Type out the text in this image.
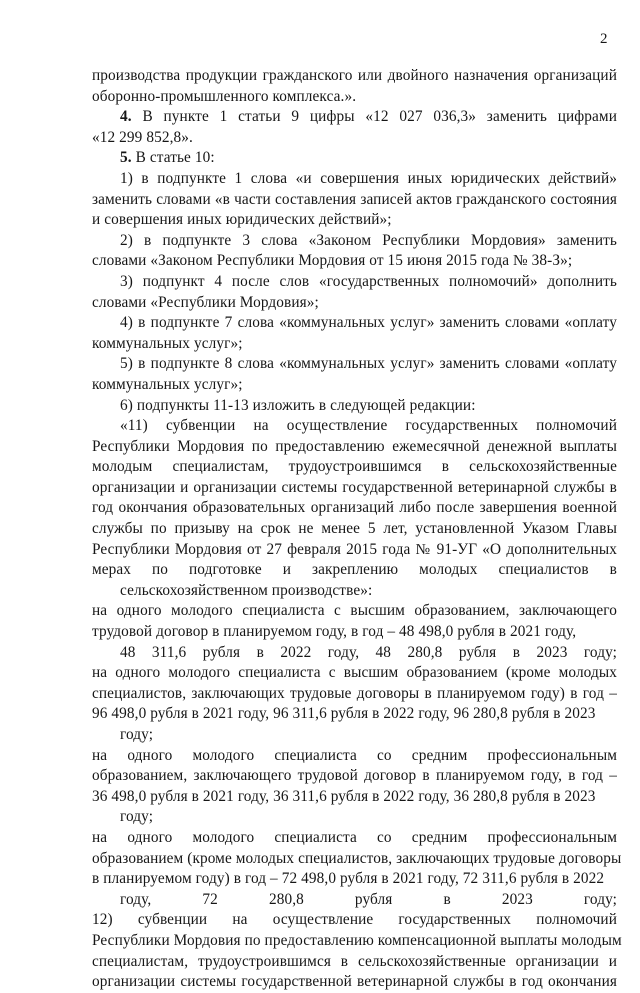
2
производства продукции гражданского или двойного назначения организаций
оборонно-промышленного комплекса.».
4. В пункте 1 статьи 9 цифры «12 027 036,3» заменить цифрами
«12 299 852,8».
5. В статье 10:
1) в подпункте 1 слова «и совершения иных юридических действий»
заменить словами «в части составления записей актов гражданского состояния
и совершения иных юридических действий»;
2) в подпункте 3 слова «Законом Республики Мордовия» заменить
словами «Законом Республики Мордовия от 15 июня 2015 года № 38-З»;
3) подпункт 4 после слов «государственных полномочий» дополнить
словами «Республики Мордовия»;
4) в подпункте 7 слова «коммунальных услуг» заменить словами «оплату
коммунальных услуг»;
5) в подпункте 8 слова «коммунальных услуг» заменить словами «оплату
коммунальных услуг»;
6) подпункты 11-13 изложить в следующей редакции:
«11) субвенции на осуществление государственных полномочий
Республики Мордовия по предоставлению ежемесячной денежной выплаты
молодым специалистам, трудоустроившимся в сельскохозяйственные
организации и организации системы государственной ветеринарной службы в
год окончания образовательных организаций либо после завершения военной
службы по призыву на срок не менее 5 лет, установленной Указом Главы
Республики Мордовия от 27 февраля 2015 года № 91-УГ «О дополнительных
мерах по подготовке и закреплению молодых специалистов в
сельскохозяйственном производстве»:
на одного молодого специалиста с высшим образованием, заключающего
трудовой договор в планируемом году, в год – 48 498,0 рубля в 2021 году,
48 311,6 рубля в 2022 году, 48 280,8 рубля в 2023 году;
на одного молодого специалиста с высшим образованием (кроме молодых
специалистов, заключающих трудовые договоры в планируемом году) в год –
96 498,0 рубля в 2021 году, 96 311,6 рубля в 2022 году, 96 280,8 рубля в 2023
году;
на одного молодого специалиста со средним профессиональным
образованием, заключающего трудовой договор в планируемом году, в год –
36 498,0 рубля в 2021 году, 36 311,6 рубля в 2022 году, 36 280,8 рубля в 2023
году;
на одного молодого специалиста со средним профессиональным
образованием (кроме молодых специалистов, заключающих трудовые договоры
в планируемом году) в год – 72 498,0 рубля в 2021 году, 72 311,6 рубля в 2022
году, 72 280,8 рубля в 2023 году;
12) субвенции на осуществление государственных полномочий
Республики Мордовия по предоставлению компенсационной выплаты молодым
специалистам, трудоустроившимся в сельскохозяйственные организации и
организации системы государственной ветеринарной службы в год окончания
